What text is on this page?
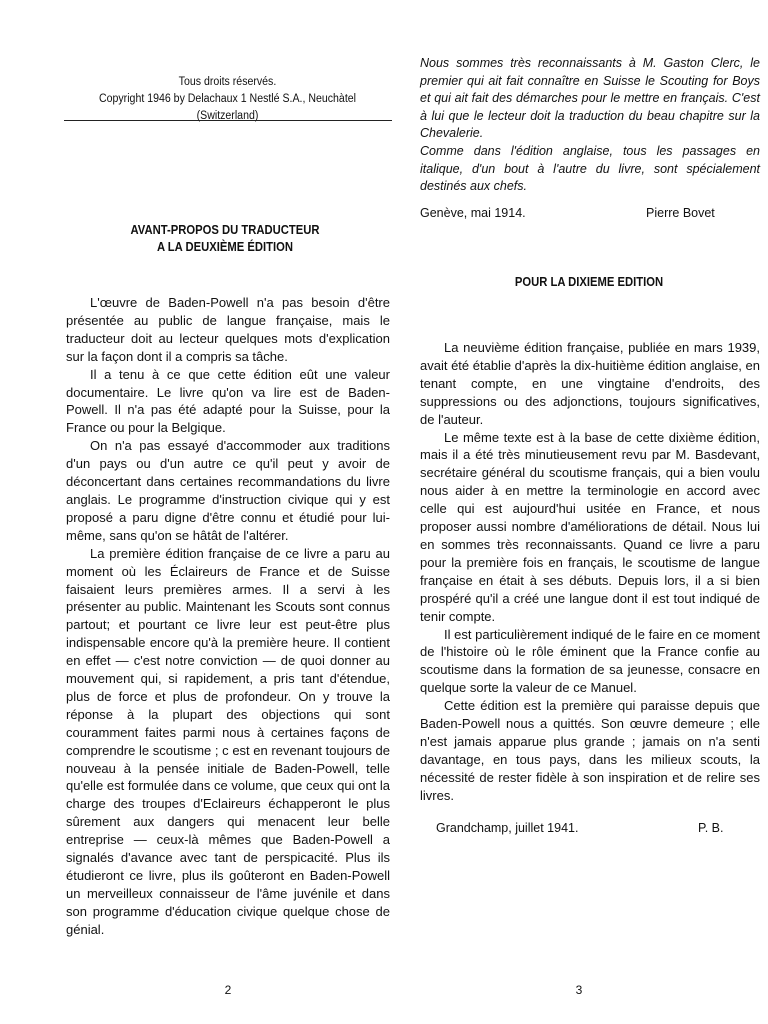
Tous droits réservés.
Copyright 1946 by Delachaux 1 Nestlé S.A., Neuchàtel (Switzerland)
AVANT-PROPOS DU TRADUCTEUR
A LA DEUXIÈME ÉDITION

L'œuvre de Baden-Powell n'a pas besoin d'être présentée au public de langue française, mais le traducteur doit au lecteur quelques mots d'explication sur la façon dont il a compris sa tâche.

Il a tenu à ce que cette édition eût une valeur documentaire. Le livre qu'on va lire est de Baden-Powell. Il n'a pas été adapté pour la Suisse, pour la France ou pour la Belgique.

On n'a pas essayé d'accommoder aux traditions d'un pays ou d'un autre ce qu'il peut y avoir de déconcertant dans certaines recommandations du livre anglais. Le programme d'instruction civique qui y est proposé a paru digne d'être connu et étudié pour lui-même, sans qu'on se hâtât de l'altérer.

La première édition française de ce livre a paru au moment où les Éclaireurs de France et de Suisse faisaient leurs premières armes. Il a servi à les présenter au public. Maintenant les Scouts sont connus partout; et pourtant ce livre leur est peut-être plus indispensable encore qu'à la première heure. Il contient en effet — c'est notre conviction — de quoi donner au mouvement qui, si rapidement, a pris tant d'étendue, plus de force et plus de profondeur. On y trouve la réponse à la plupart des objections qui sont couramment faites parmi nous à certaines façons de comprendre le scoutisme ; c est en revenant toujours de nouveau à la pensée initiale de Baden-Powell, telle qu'elle est formulée dans ce volume, que ceux qui ont la charge des troupes d'Eclaireurs échapperont le plus sûrement aux dangers qui menacent leur belle entreprise — ceux-là mêmes que Baden-Powell a signalés d'avance avec tant de perspicacité. Plus ils étudieront ce livre, plus ils goûteront en Baden-Powell un merveilleux connaisseur de l'âme juvénile et dans son programme d'éducation civique quelque chose de génial.

2

Nous sommes très reconnaissants à M. Gaston Clerc, le premier qui ait fait connaître en Suisse le Scouting for Boys et qui ait fait des démarches pour le mettre en français. C'est à lui que le lecteur doit la traduction du beau chapitre sur la Chevalerie.

Comme dans l'édition anglaise, tous les passages en italique, d'un bout à l'autre du livre, sont spécialement destinés aux chefs.

Genève, mai 1914.	Pierre Bovet
POUR LA DIXIEME EDITION

La neuvième édition française, publiée en mars 1939, avait été établie d'après la dix-huitième édition anglaise, en tenant compte, en une vingtaine d'endroits, des suppressions ou des adjonctions, toujours significatives, de l'auteur.

Le même texte est à la base de cette dixième édition, mais il a été très minutieusement revu par M. Basdevant, secrétaire général du scoutisme français, qui a bien voulu nous aider à en mettre la terminologie en accord avec celle qui est aujourd'hui usitée en France, et nous proposer aussi nombre d'améliorations de détail. Nous lui en sommes très reconnaissants. Quand ce livre a paru pour la première fois en français, le scoutisme de langue française en était à ses débuts. Depuis lors, il a si bien prospéré qu'il a créé une langue dont il est tout indiqué de tenir compte.

Il est particulièrement indiqué de le faire en ce moment de l'histoire où le rôle éminent que la France confie au scoutisme dans la formation de sa jeunesse, consacre en quelque sorte la valeur de ce Manuel.

Cette édition est la première qui paraisse depuis que Baden-Powell nous a quittés. Son œuvre demeure ; elle n'est jamais apparue plus grande ; jamais on n'a senti davantage, en tous pays, dans les milieux scouts, la nécessité de rester fidèle à son inspiration et de relire ses livres.

Grandchamp, juillet 1941.	P. B.
3
